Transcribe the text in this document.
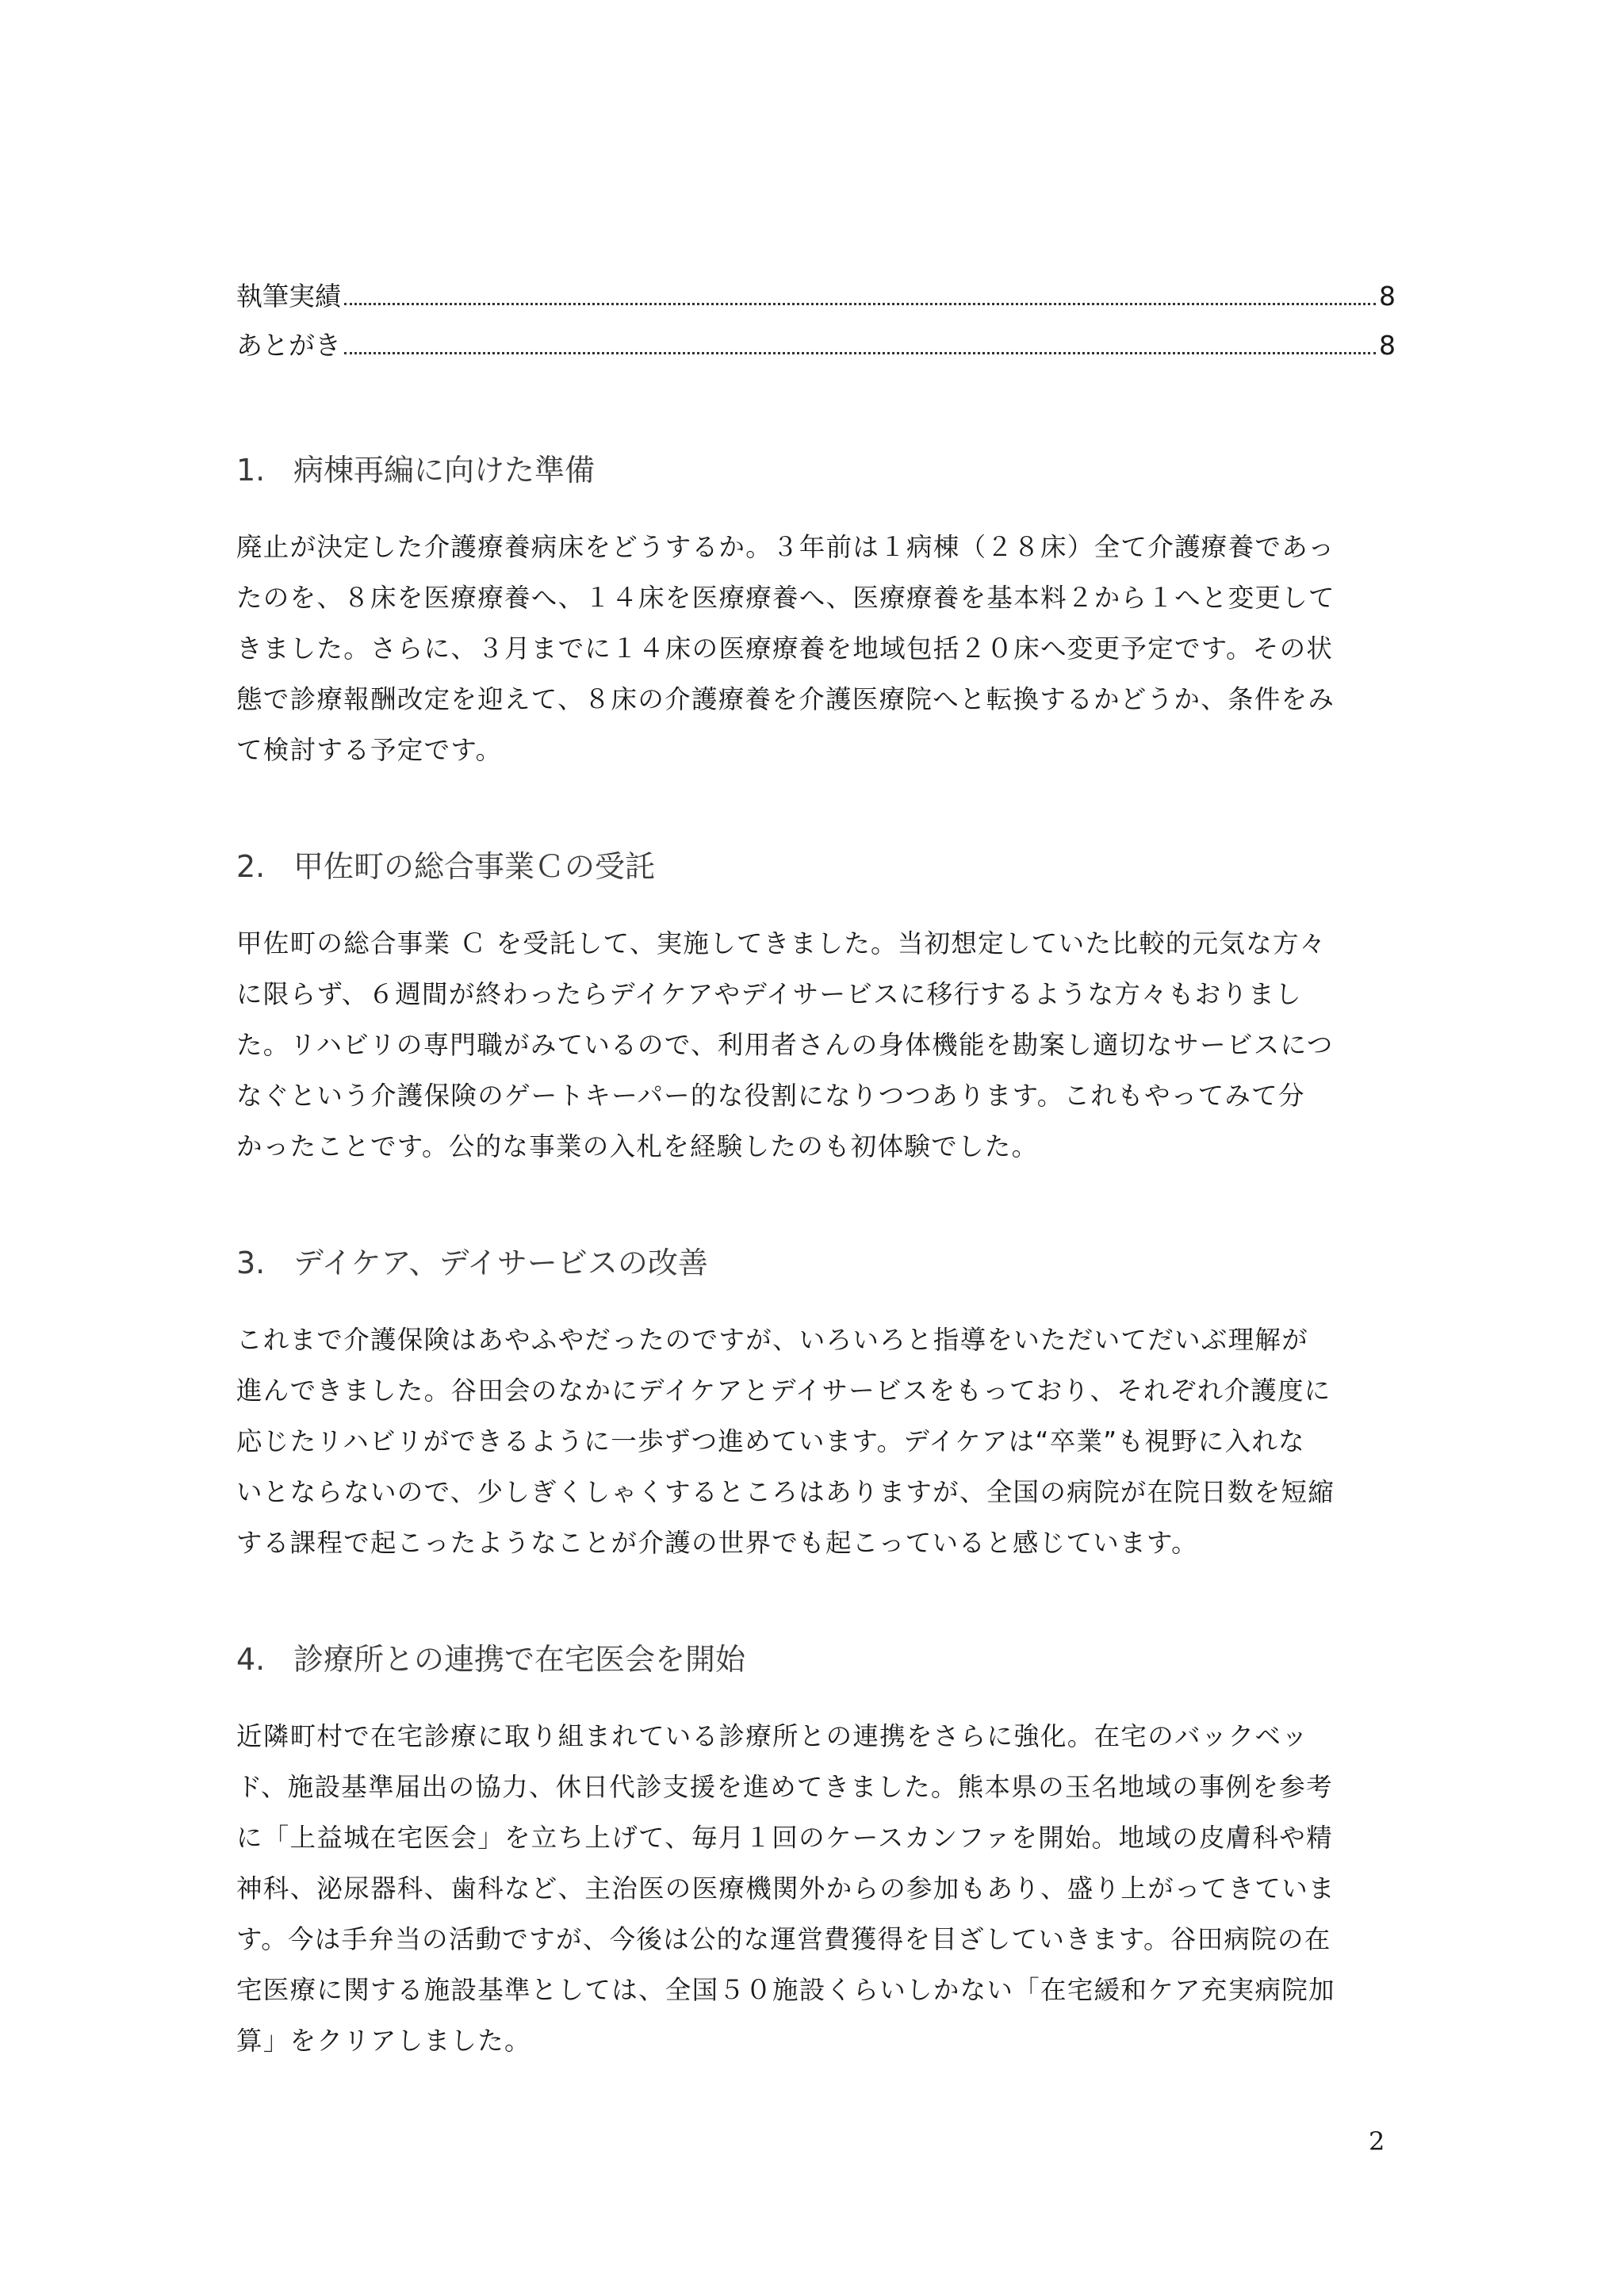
執筆実績	8
あとがき	8
1. 病棟再編に向けた準備

廃止が決定した介護療養病床をどうするか。３年前は１病棟（２８床）全て介護療養であっ
たのを、８床を医療療養へ、１４床を医療療養へ、医療療養を基本料２から１へと変更して
きました。さらに、３月までに１４床の医療療養を地域包括２０床へ変更予定です。その状
態で診療報酬改定を迎えて、８床の介護療養を介護医療院へと転換するかどうか、条件をみ
て検討する予定です。

2. 甲佐町の総合事業Ｃの受託

甲佐町の総合事業 Ｃ を受託して、実施してきました。当初想定していた比較的元気な方々
に限らず、６週間が終わったらデイケアやデイサービスに移行するような方々もおりまし
た。リハビリの専門職がみているので、利用者さんの身体機能を勘案し適切なサービスにつ
なぐという介護保険のゲートキーパー的な役割になりつつあります。これもやってみて分
かったことです。公的な事業の入札を経験したのも初体験でした。

3. デイケア、デイサービスの改善

これまで介護保険はあやふやだったのですが、いろいろと指導をいただいてだいぶ理解が
進んできました。谷田会のなかにデイケアとデイサービスをもっており、それぞれ介護度に
応じたリハビリができるように一歩ずつ進めています。デイケアは“卒業”も視野に入れな
いとならないので、少しぎくしゃくするところはありますが、全国の病院が在院日数を短縮
する課程で起こったようなことが介護の世界でも起こっていると感じています。

4. 診療所との連携で在宅医会を開始

近隣町村で在宅診療に取り組まれている診療所との連携をさらに強化。在宅のバックベッ
ド、施設基準届出の協力、休日代診支援を進めてきました。熊本県の玉名地域の事例を参考
に「上益城在宅医会」を立ち上げて、毎月１回のケースカンファを開始。地域の皮膚科や精
神科、泌尿器科、歯科など、主治医の医療機関外からの参加もあり、盛り上がってきていま
す。今は手弁当の活動ですが、今後は公的な運営費獲得を目ざしていきます。谷田病院の在
宅医療に関する施設基準としては、全国５０施設くらいしかない「在宅緩和ケア充実病院加
算」をクリアしました。

2
